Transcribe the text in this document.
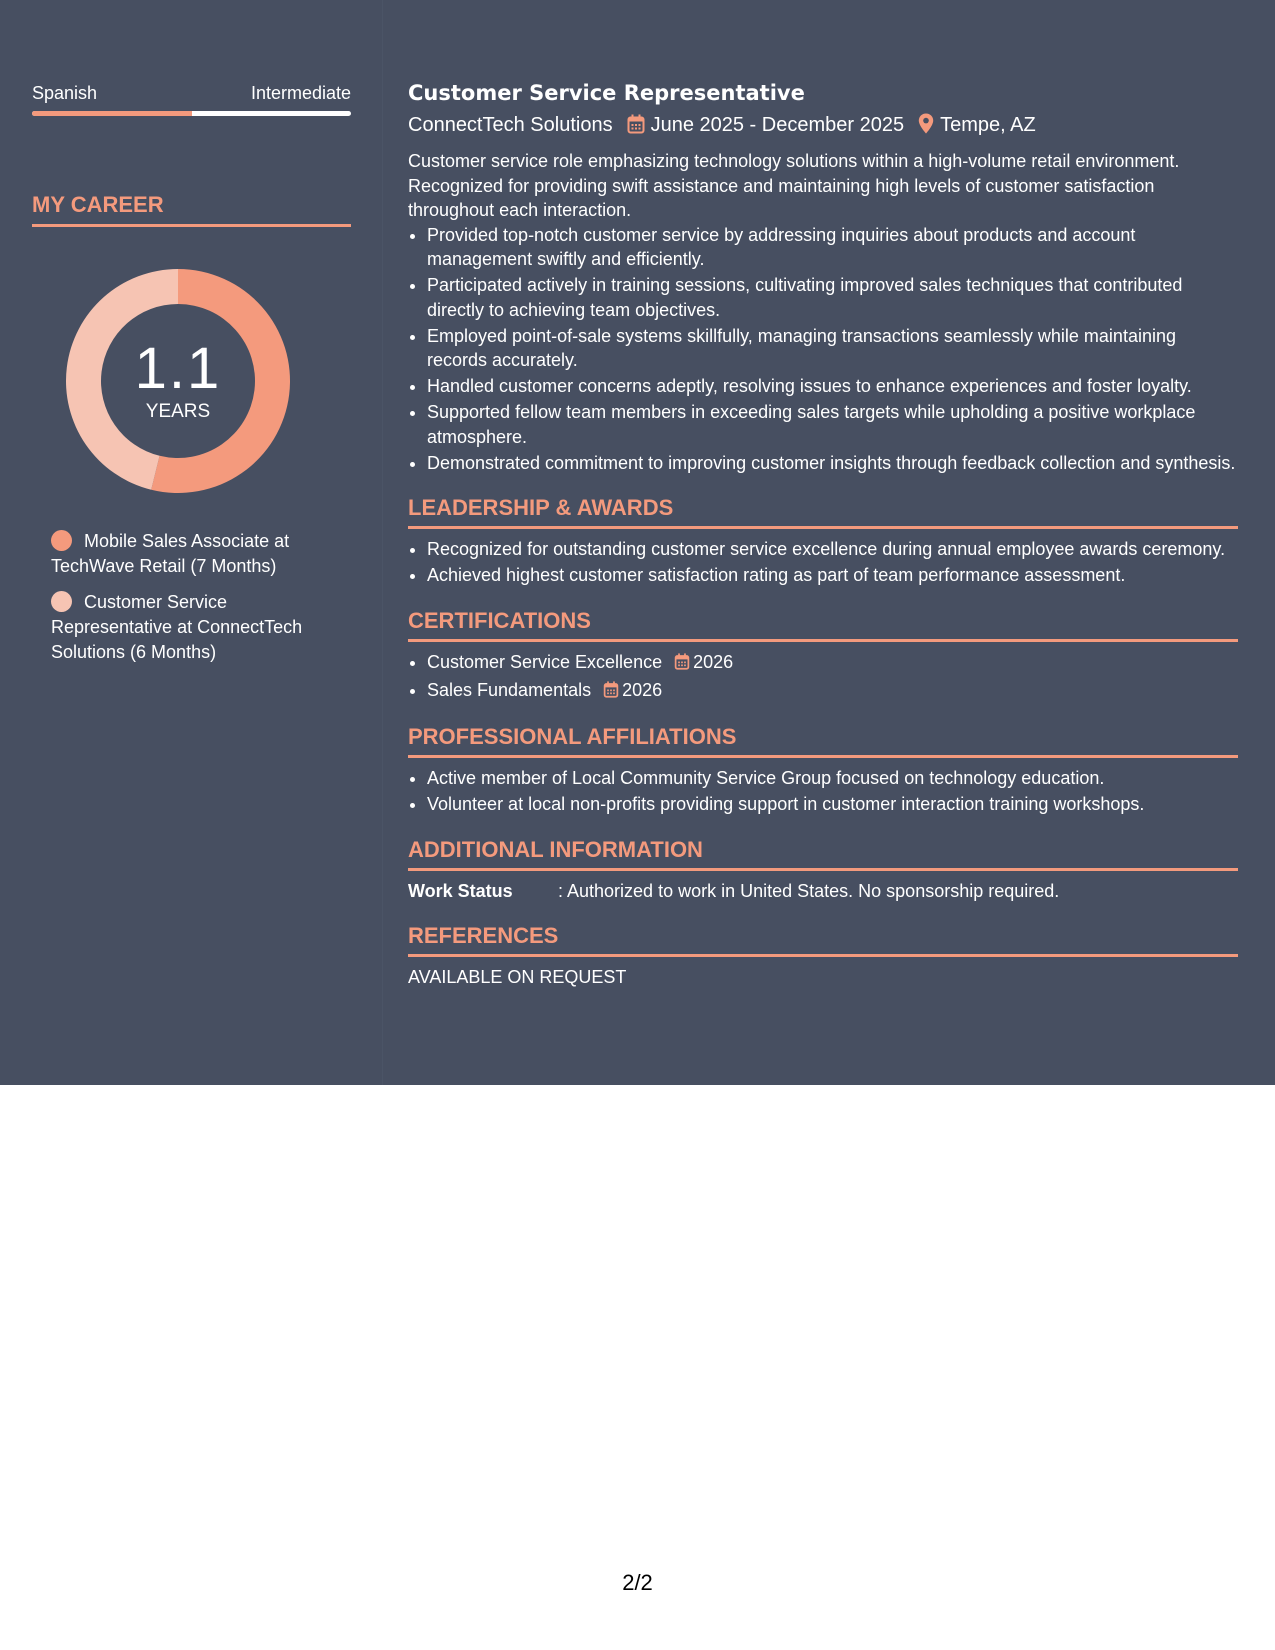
Spanish	Intermediate
MY CAREER
1.1
YEARS
Mobile Sales Associate at TechWave Retail (7 Months)
Customer Service Representative at ConnectTech Solutions (6 Months)
Customer Service Representative
ConnectTech Solutions June 2025 - December 2025 Tempe, AZ
Customer service role emphasizing technology solutions within a high-volume retail environment. Recognized for providing swift assistance and maintaining high levels of customer satisfaction throughout each interaction.
• Provided top-notch customer service by addressing inquiries about products and account management swiftly and efficiently.
• Participated actively in training sessions, cultivating improved sales techniques that contributed directly to achieving team objectives.
• Employed point-of-sale systems skillfully, managing transactions seamlessly while maintaining records accurately.
• Handled customer concerns adeptly, resolving issues to enhance experiences and foster loyalty.
• Supported fellow team members in exceeding sales targets while upholding a positive workplace atmosphere.
• Demonstrated commitment to improving customer insights through feedback collection and synthesis.
LEADERSHIP & AWARDS
• Recognized for outstanding customer service excellence during annual employee awards ceremony.
• Achieved highest customer satisfaction rating as part of team performance assessment.
CERTIFICATIONS
• Customer Service Excellence 2026
• Sales Fundamentals 2026
PROFESSIONAL AFFILIATIONS
• Active member of Local Community Service Group focused on technology education.
• Volunteer at local non-profits providing support in customer interaction training workshops.
ADDITIONAL INFORMATION
Work Status	: Authorized to work in United States. No sponsorship required.
REFERENCES
AVAILABLE ON REQUEST
2/2
